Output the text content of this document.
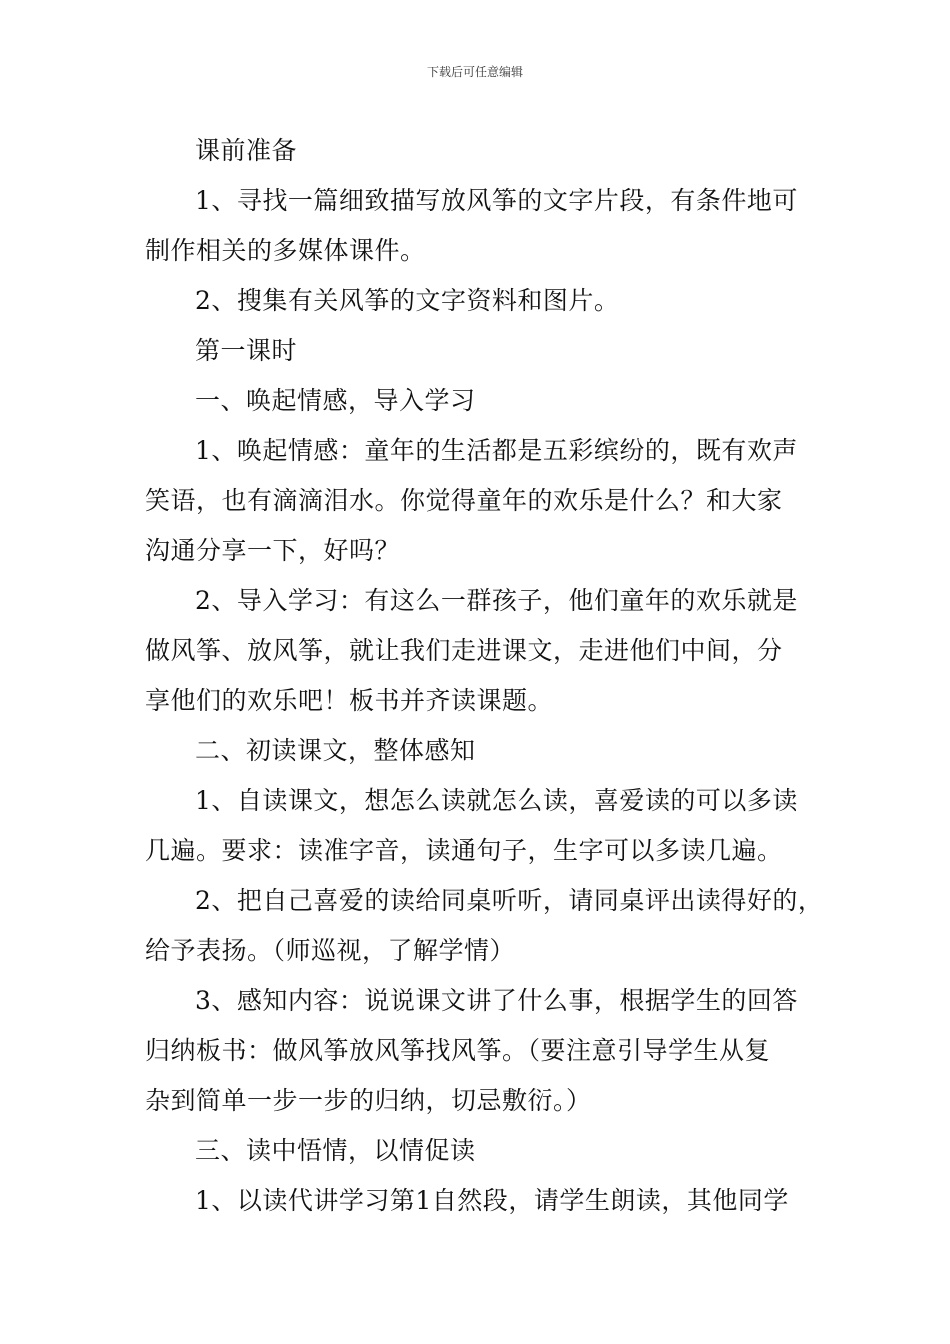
下载后可任意编辑
课前准备
1、寻找一篇细致描写放风筝的文字片段，有条件地可
制作相关的多媒体课件。
2、搜集有关风筝的文字资料和图片。
第一课时
一、唤起情感，导入学习
1、唤起情感：童年的生活都是五彩缤纷的，既有欢声
笑语，也有滴滴泪水。你觉得童年的欢乐是什么？和大家
沟通分享一下，好吗？
2、导入学习：有这么一群孩子，他们童年的欢乐就是
做风筝、放风筝，就让我们走进课文，走进他们中间，分
享他们的欢乐吧！板书并齐读课题。
二、初读课文，整体感知
1、自读课文，想怎么读就怎么读，喜爱读的可以多读
几遍。要求：读准字音，读通句子，生字可以多读几遍。
2、把自己喜爱的读给同桌听听，请同桌评出读得好的，
给予表扬。（师巡视，了解学情）
3、感知内容：说说课文讲了什么事，根据学生的回答
归纳板书：做风筝放风筝找风筝。（要注意引导学生从复
杂到简单一步一步的归纳，切忌敷衍。）
三、读中悟情，以情促读
1、以读代讲学习第1自然段，请学生朗读，其他同学
